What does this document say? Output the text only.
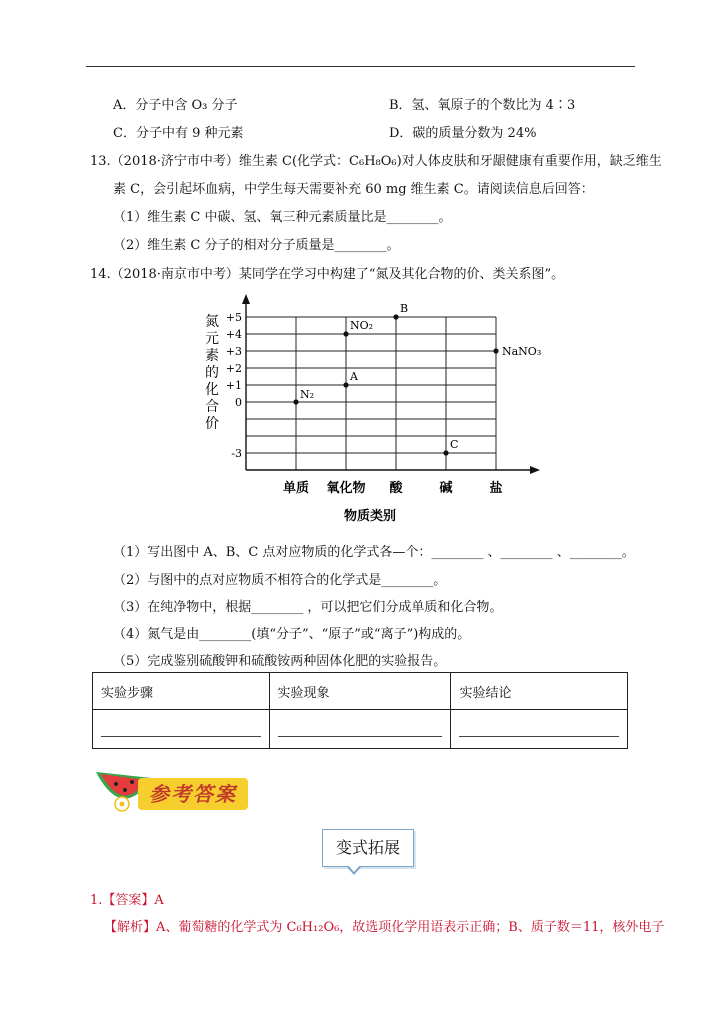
A．分子中含 O₃ 分子	B．氢、氧原子的个数比为 4∶3
C．分子中有 9 种元素	D．碳的质量分数为 24%
13.（2018·济宁市中考）维生素 C(化学式：C₆H₈O₆)对人体皮肤和牙龈健康有重要作用，缺乏维生
素 C，会引起坏血病，中学生每天需要补充 60 mg 维生素 C。请阅读信息后回答：
（1）维生素 C 中碳、氢、氧三种元素质量比是________。
（2）维生素 C 分子的相对分子质量是________。
14.（2018·南京市中考）某同学在学习中构建了“氮及其化合物的价、类关系图”。
+5
+4
+3
+2
+1
0
-3
单质 氧化物 酸	碱	盐
氮
元
素
的
化
合
价
物质类别
N₂
NO₂
A
B
C
NaNO₃
（1）写出图中 A、B、C 点对应物质的化学式各—个：________ 、________ 、________。
（2）与图中的点对应物质不相符合的化学式是________。
（3）在纯净物中，根据________ ，可以把它们分成单质和化合物。
（4）氮气是由________(填“分子”、“原子”或“离子”)构成的。
（5）完成鉴别硫酸钾和硫酸铵两种固体化肥的实验报告。
实验步骤	实验现象	实验结论

参考答案
变式拓展
1.【答案】A
【解析】A、葡萄糖的化学式为 C₆H₁₂O₆，故选项化学用语表示正确；B、质子数＝11，核外电子
